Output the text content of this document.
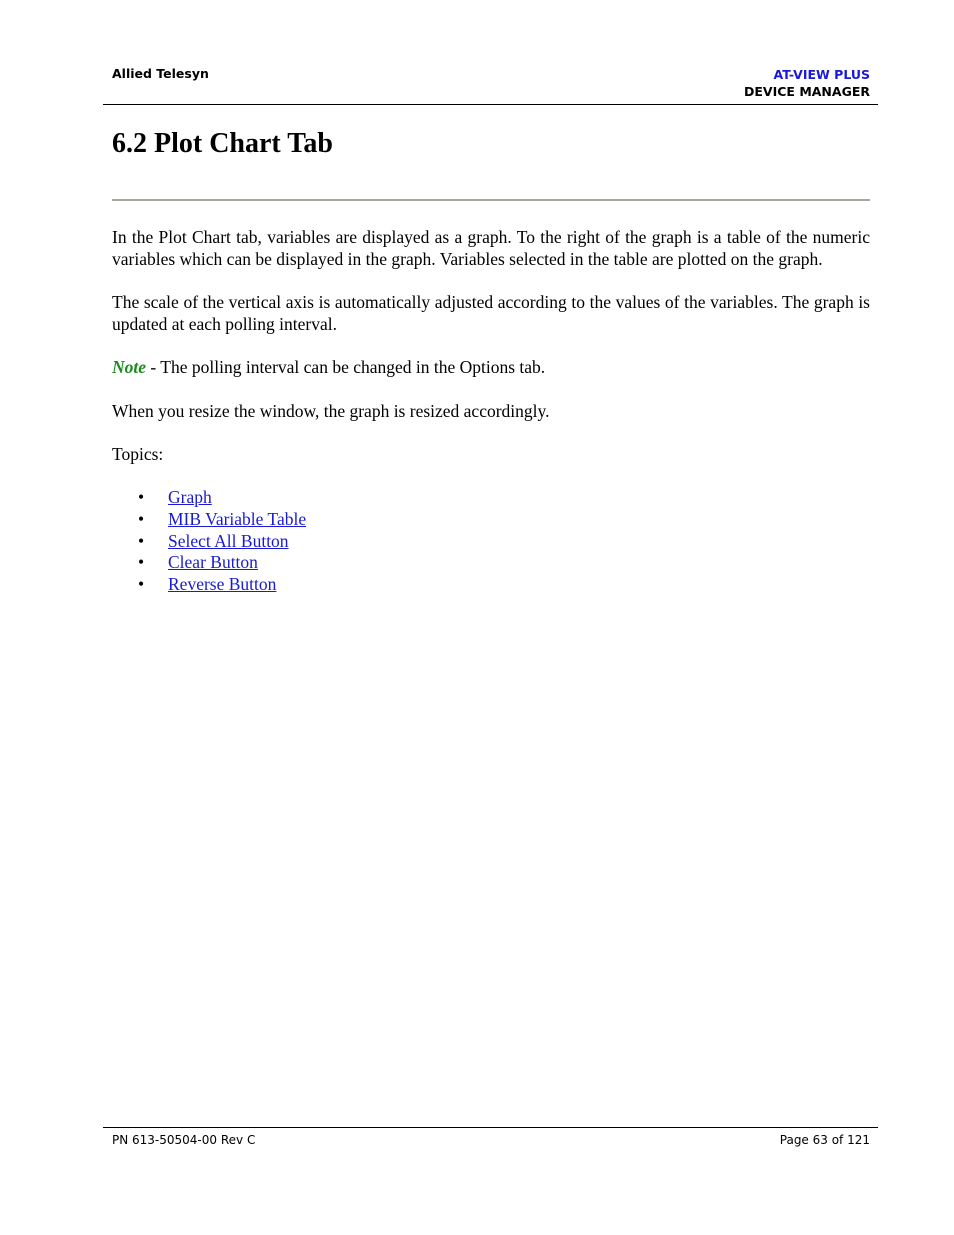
Allied Telesyn	AT-VIEW PLUS
DEVICE MANAGER
6.2 Plot Chart Tab

In the Plot Chart tab, variables are displayed as a graph. To the right of the graph is a table of the numeric variables which can be displayed in the graph. Variables selected in the table are plotted on the graph.

The scale of the vertical axis is automatically adjusted according to the values of the variables. The graph is updated at each polling interval.

Note - The polling interval can be changed in the Options tab.

When you resize the window, the graph is resized accordingly.

Topics:

• Graph
• MIB Variable Table
• Select All Button
• Clear Button
• Reverse Button
PN 613-50504-00 Rev C	Page 63 of 121
